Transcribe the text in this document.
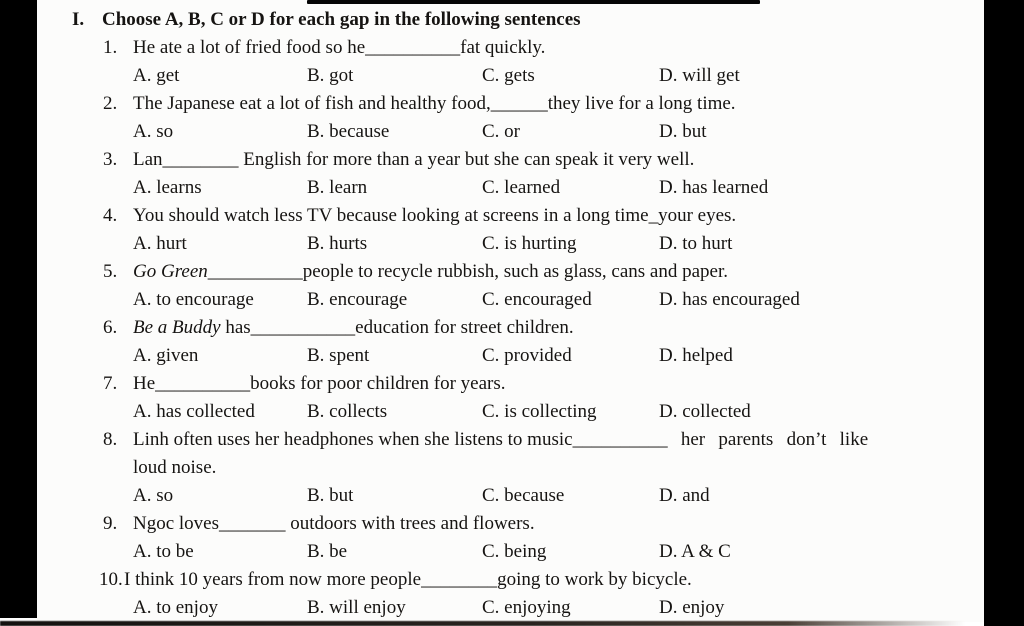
I. Choose A, B, C or D for each gap in the following sentences
1. He ate a lot of fried food so he__________fat quickly.
A. get	B. got	C. gets	D. will get
2. The Japanese eat a lot of fish and healthy food,______they live for a long time.
A. so	B. because	C. or	D. but
3. Lan________ English for more than a year but she can speak it very well.
A. learns	B. learn	C. learned	D. has learned
4. You should watch less TV because looking at screens in a long time_your eyes.
A. hurt	B. hurts	C. is hurting	D. to hurt
5. Go Green__________people to recycle rubbish, such as glass, cans and paper.
A. to encourage	B. encourage	C. encouraged	D. has encouraged
6. Be a Buddy has___________education for street children.
A. given	B. spent	C. provided	D. helped
7. He__________books for poor children for years.
A. has collected	B. collects	C. is collecting	D. collected
8. Linh often uses her headphones when she listens to music__________ her parents don’t like
loud noise.
A. so	B. but	C. because	D. and
9. Ngoc loves_______ outdoors with trees and flowers.
A. to be	B. be	C. being	D. A & C
10. I think 10 years from now more people________going to work by bicycle.
A. to enjoy	B. will enjoy	C. enjoying	D. enjoy
